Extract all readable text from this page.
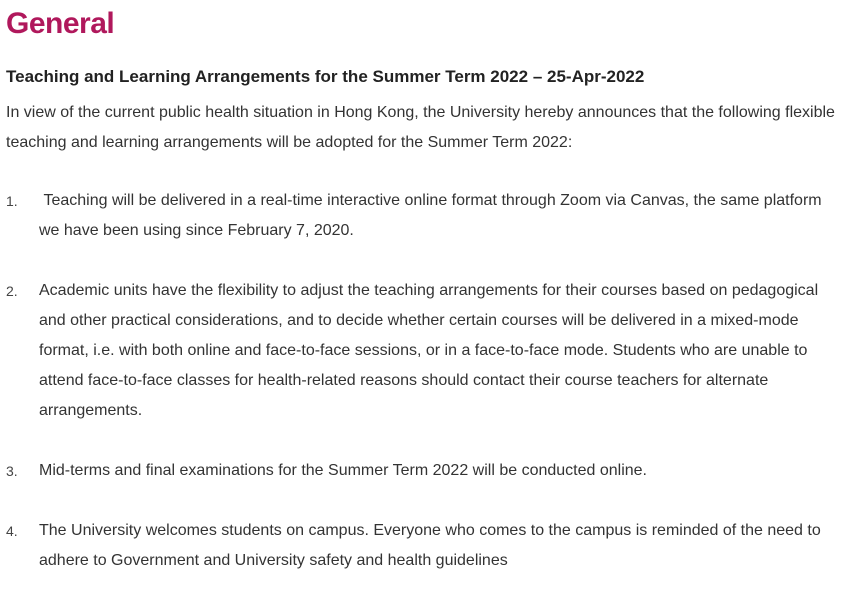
General
Teaching and Learning Arrangements for the Summer Term 2022 – 25-Apr-2022

In view of the current public health situation in Hong Kong, the University hereby announces that the following flexible teaching and learning arrangements will be adopted for the Summer Term 2022:

1.	Teaching will be delivered in a real-time interactive online format through Zoom via Canvas, the same platform we have been using since February 7, 2020.
2.	Academic units have the flexibility to adjust the teaching arrangements for their courses based on pedagogical and other practical considerations, and to decide whether certain courses will be delivered in a mixed-mode format, i.e. with both online and face-to-face sessions, or in a face-to-face mode. Students who are unable to attend face-to-face classes for health-related reasons should contact their course teachers for alternate arrangements.
3.	Mid-terms and final examinations for the Summer Term 2022 will be conducted online.
4.	The University welcomes students on campus. Everyone who comes to the campus is reminded of the need to adhere to Government and University safety and health guidelines
